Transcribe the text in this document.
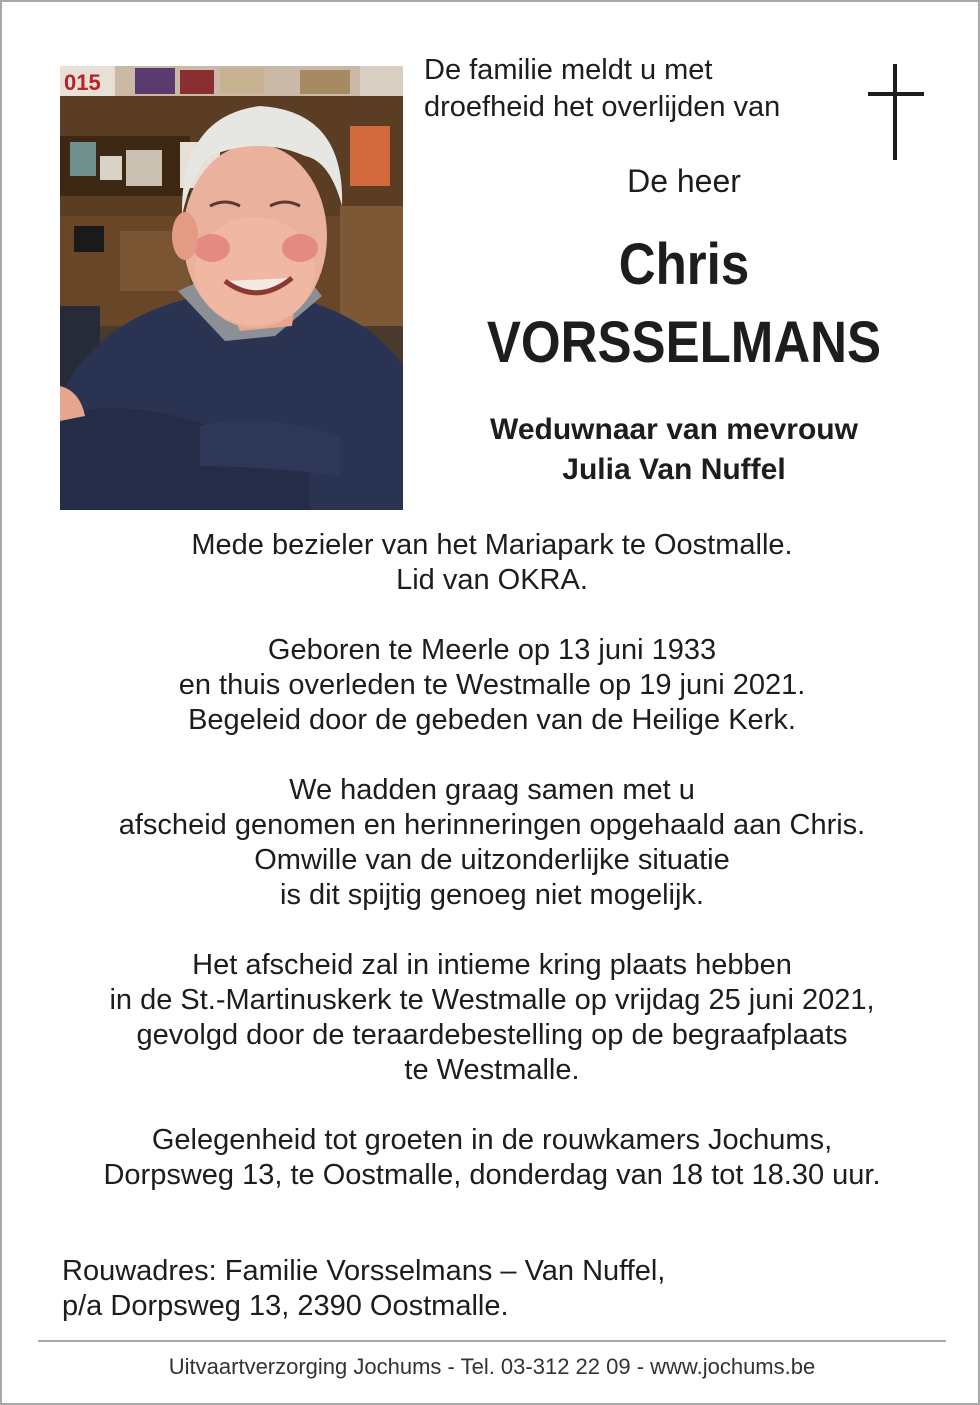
015	De familie meldt u met
droefheid het overlijden van

De heer

Chris
VORSSELMANS

Weduwnaar van mevrouw
Julia Van Nuffel

Mede bezieler van het Mariapark te Oostmalle.
Lid van OKRA.

Geboren te Meerle op 13 juni 1933
en thuis overleden te Westmalle op 19 juni 2021.
Begeleid door de gebeden van de Heilige Kerk.

We hadden graag samen met u
afscheid genomen en herinneringen opgehaald aan Chris.
Omwille van de uitzonderlijke situatie
is dit spijtig genoeg niet mogelijk.

Het afscheid zal in intieme kring plaats hebben
in de St.-Martinuskerk te Westmalle op vrijdag 25 juni 2021,
gevolgd door de teraardebestelling op de begraafplaats
te Westmalle.

Gelegenheid tot groeten in de rouwkamers Jochums,
Dorpsweg 13, te Oostmalle, donderdag van 18 tot 18.30 uur.

Rouwadres: Familie Vorsselmans – Van Nuffel,
p/a Dorpsweg 13, 2390 Oostmalle.
Uitvaartverzorging Jochums - Tel. 03-312 22 09 - www.jochums.be
